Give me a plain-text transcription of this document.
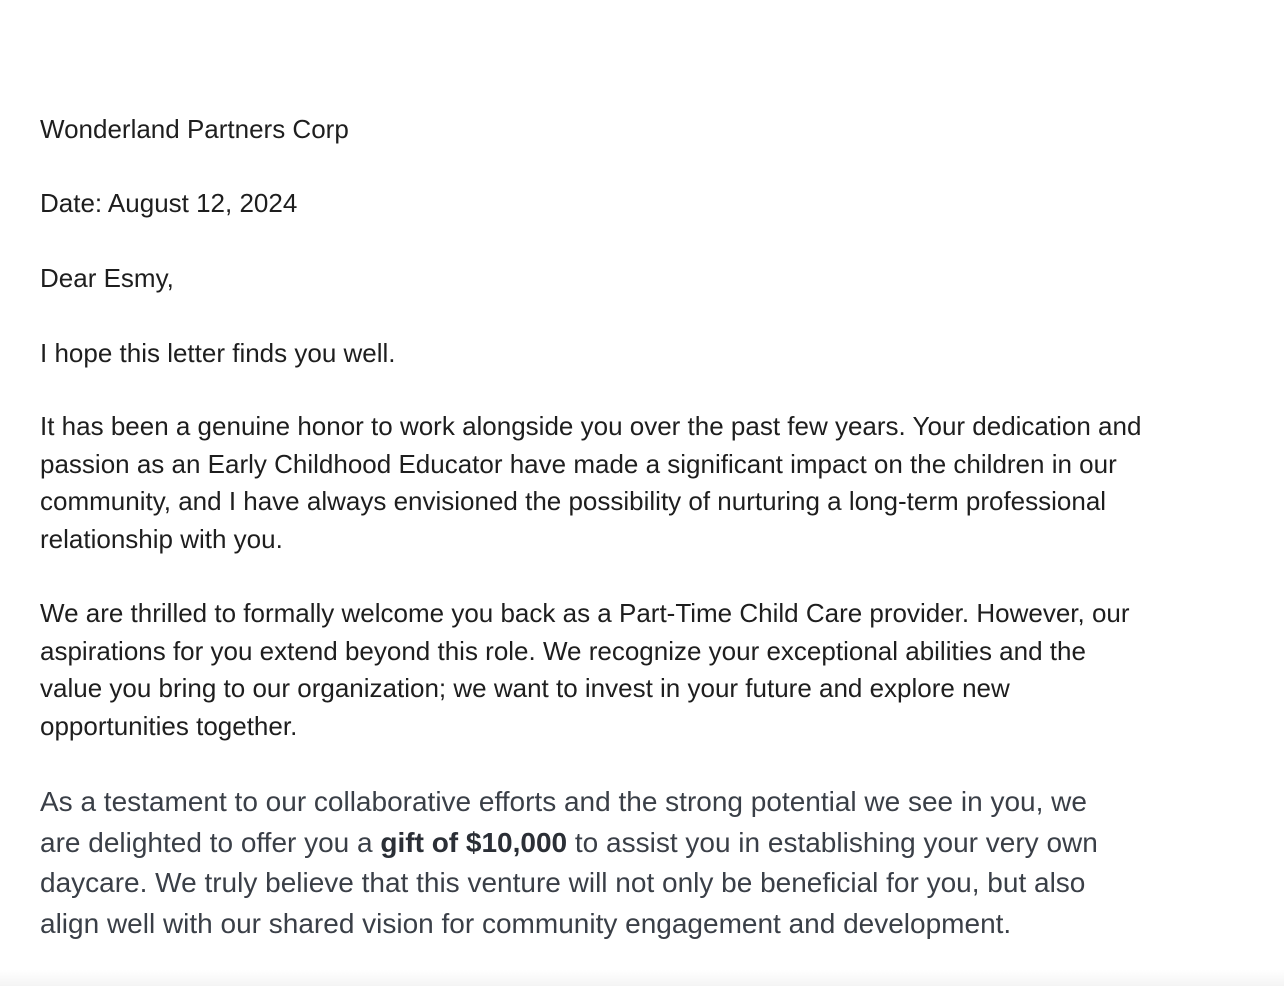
Wonderland Partners Corp
Date: August 12, 2024
Dear Esmy,
I hope this letter finds you well.
It has been a genuine honor to work alongside you over the past few years. Your dedication and
passion as an Early Childhood Educator have made a significant impact on the children in our
community, and I have always envisioned the possibility of nurturing a long-term professional
relationship with you.
We are thrilled to formally welcome you back as a Part-Time Child Care provider. However, our
aspirations for you extend beyond this role. We recognize your exceptional abilities and the
value you bring to our organization; we want to invest in your future and explore new
opportunities together.
As a testament to our collaborative efforts and the strong potential we see in you, we
are delighted to offer you a gift of $10,000 to assist you in establishing your very own
daycare. We truly believe that this venture will not only be beneficial for you, but also
align well with our shared vision for community engagement and development.
